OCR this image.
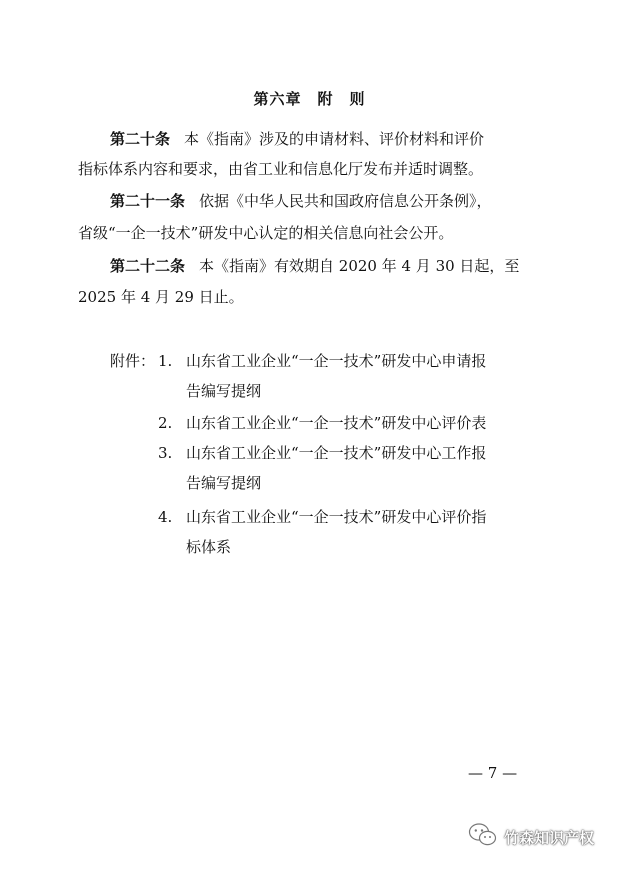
第六章　附　则
第二十条 本《指南》涉及的申请材料、评价材料和评价
指标体系内容和要求，由省工业和信息化厅发布并适时调整。
第二十一条 依据《中华人民共和国政府信息公开条例》，
省级“一企一技术”研发中心认定的相关信息向社会公开。
第二十二条 本《指南》有效期自 2020 年 4 月 30 日起，至
2025 年 4 月 29 日止。
附件： 1. 山东省工业企业“一企一技术”研发中心申请报
告编写提纲
2. 山东省工业企业“一企一技术”研发中心评价表
3. 山东省工业企业“一企一技术”研发中心工作报
告编写提纲
4. 山东省工业企业“一企一技术”研发中心评价指
标体系
— 7 —
竹森知识产权
